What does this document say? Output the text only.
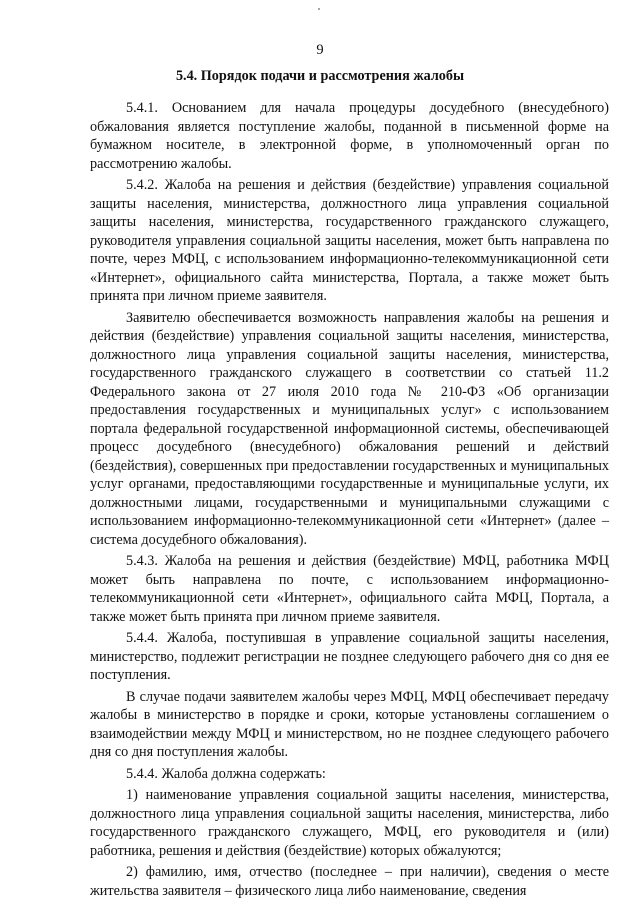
9
5.4. Порядок подачи и рассмотрения жалобы

5.4.1. Основанием для начала процедуры досудебного (внесудебного) обжалования является поступление жалобы, поданной в письменной форме на бумажном носителе, в электронной форме, в уполномоченный орган по рассмотрению жалобы.

5.4.2. Жалоба на решения и действия (бездействие) управления социальной защиты населения, министерства, должностного лица управления социальной защиты населения, министерства, государственного гражданского служащего, руководителя управления социальной защиты населения, может быть направлена по почте, через МФЦ, с использованием информационно-телекоммуникационной сети «Интернет», официального сайта министерства, Портала, а также может быть принята при личном приеме заявителя.

Заявителю обеспечивается возможность направления жалобы на решения и действия (бездействие) управления социальной защиты населения, министерства, должностного лица управления социальной защиты населения, министерства, государственного гражданского служащего в соответствии со статьей 11.2 Федерального закона от 27 июля 2010 года № 210-ФЗ «Об организации предоставления государственных и муниципальных услуг» с использованием портала федеральной государственной информационной системы, обеспечивающей процесс досудебного (внесудебного) обжалования решений и действий (бездействия), совершенных при предоставлении государственных и муниципальных услуг органами, предоставляющими государственные и муниципальные услуги, их должностными лицами, государственными и муниципальными служащими с использованием информационно-телекоммуникационной сети «Интернет» (далее – система досудебного обжалования).

5.4.3. Жалоба на решения и действия (бездействие) МФЦ, работника МФЦ может быть направлена по почте, с использованием информационно-телекоммуникационной сети «Интернет», официального сайта МФЦ, Портала, а также может быть принята при личном приеме заявителя.

5.4.4. Жалоба, поступившая в управление социальной защиты населения, министерство, подлежит регистрации не позднее следующего рабочего дня со дня ее поступления.

В случае подачи заявителем жалобы через МФЦ, МФЦ обеспечивает передачу жалобы в министерство в порядке и сроки, которые установлены соглашением о взаимодействии между МФЦ и министерством, но не позднее следующего рабочего дня со дня поступления жалобы.

5.4.4. Жалоба должна содержать:

1) наименование управления социальной защиты населения, министерства, должностного лица управления социальной защиты населения, министерства, либо государственного гражданского служащего, МФЦ, его руководителя и (или) работника, решения и действия (бездействие) которых обжалуются;

2) фамилию, имя, отчество (последнее – при наличии), сведения о месте жительства заявителя – физического лица либо наименование, сведения
